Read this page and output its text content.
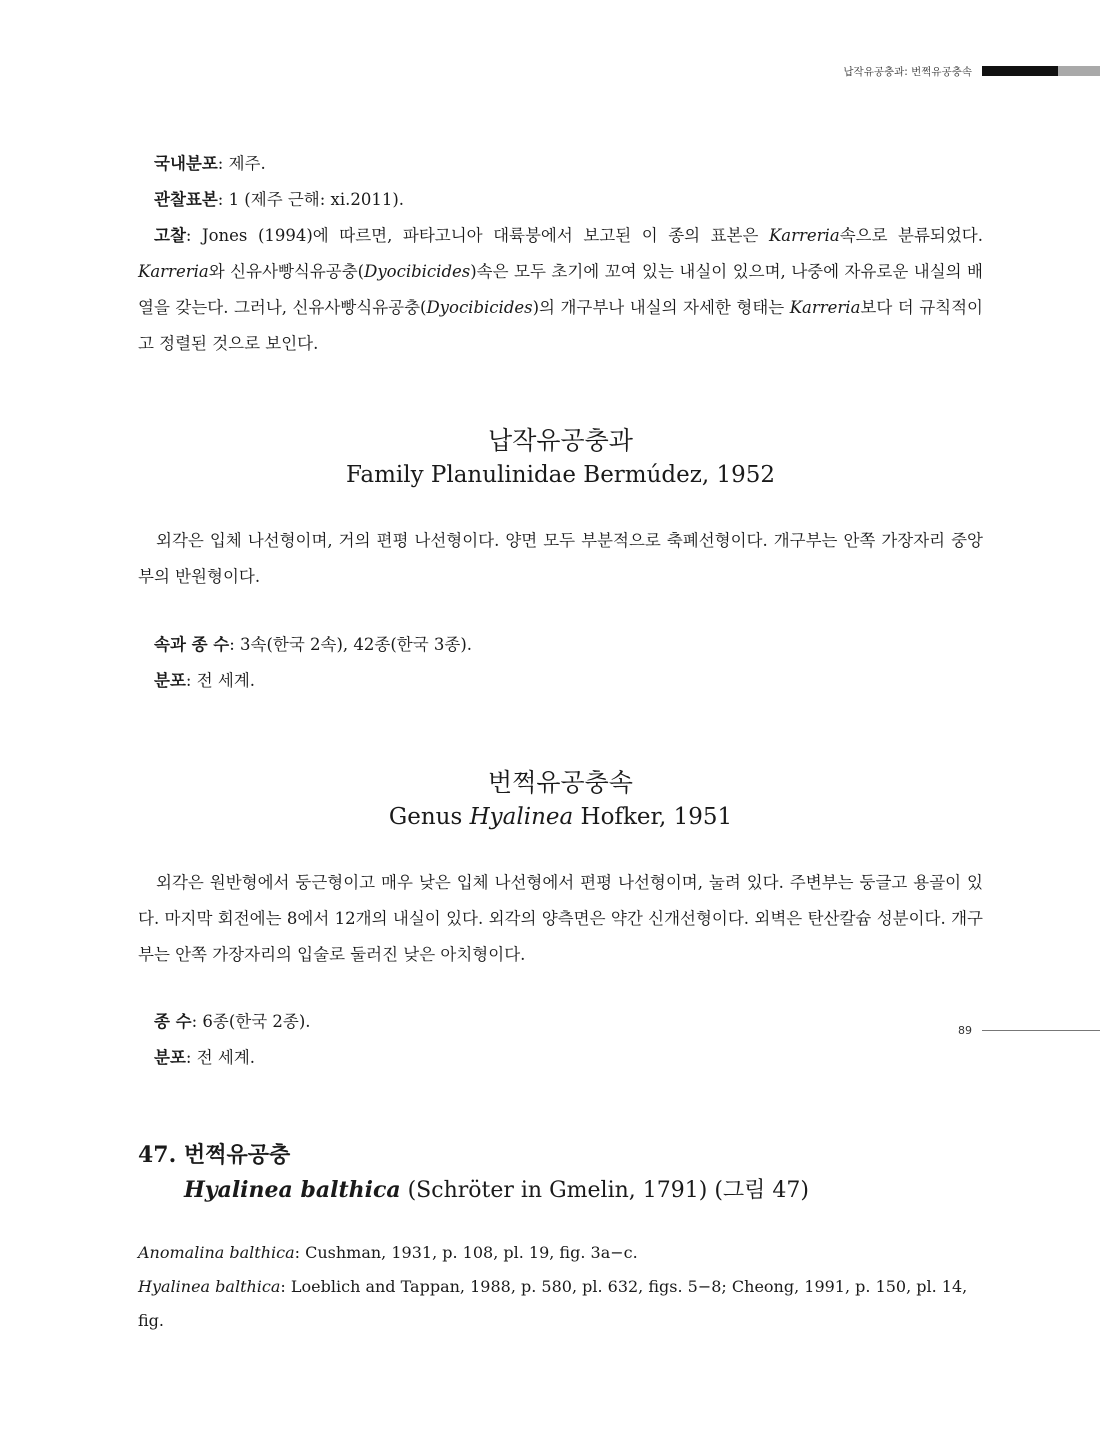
납작유공충과: 번쩍유공충속

국내분포: 제주.

관찰표본: 1 (제주 근해: xi.2011).

고찰: Jones (1994)에 따르면, 파타고니아 대륙붕에서 보고된 이 종의 표본은 Karreria속으로 분류되었다. Karreria와 신유사빵식유공충(Dyocibicides)속은 모두 초기에 꼬여 있는 내실이 있으며, 나중에 자유로운 내실의 배열을 갖는다. 그러나, 신유사빵식유공충(Dyocibicides)의 개구부나 내실의 자세한 형태는 Karreria보다 더 규칙적이고 정렬된 것으로 보인다.

납작유공충과
Family Planulinidae Bermúdez, 1952

외각은 입체 나선형이며, 거의 편평 나선형이다. 양면 모두 부분적으로 축폐선형이다. 개구부는 안쪽 가장자리 중앙부의 반원형이다.

속과 종 수: 3속(한국 2속), 42종(한국 3종).

분포: 전 세계.

번쩍유공충속
Genus Hyalinea Hofker, 1951

외각은 원반형에서 둥근형이고 매우 낮은 입체 나선형에서 편평 나선형이며, 눌려 있다. 주변부는 둥글고 용골이 있다. 마지막 회전에는 8에서 12개의 내실이 있다. 외각의 양측면은 약간 신개선형이다. 외벽은 탄산칼슘 성분이다. 개구부는 안쪽 가장자리의 입술로 둘러진 낮은 아치형이다.

종 수: 6종(한국 2종).

분포: 전 세계.

47. 번쩍유공충
Hyalinea balthica (Schröter in Gmelin, 1791) (그림 47)
Anomalina balthica: Cushman, 1931, p. 108, pl. 19, fig. 3a−c.
Hyalinea balthica: Loeblich and Tappan, 1988, p. 580, pl. 632, figs. 5−8; Cheong, 1991, p. 150, pl. 14, fig.
89
